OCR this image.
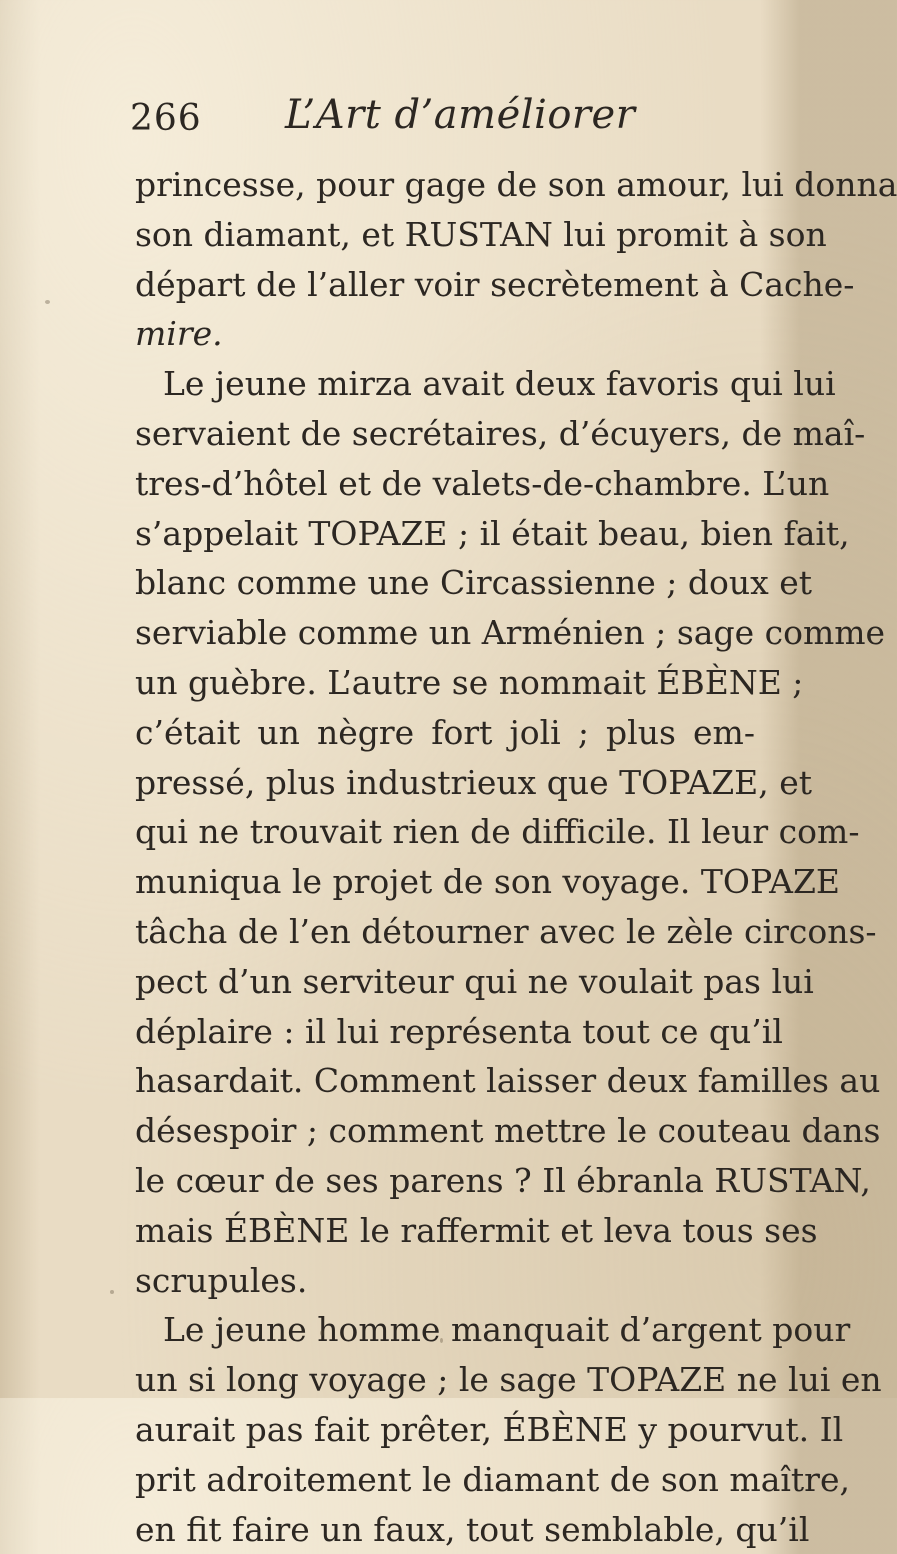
266 L’Art d’améliorer
princesse, pour gage de son amour, lui donna
son diamant, et RUSTAN lui promit à son
départ de l’aller voir secrètement à Cache-
mire.
Le jeune mirza avait deux favoris qui lui
servaient de secrétaires, d’écuyers, de maî-
tres-d’hôtel et de valets-de-chambre. L’un
s’appelait TOPAZE ; il était beau, bien fait,
blanc comme une Circassienne ; doux et
serviable comme un Arménien ; sage comme
un guèbre. L’autre se nommait ÉBÈNE ;
c’était un nègre fort joli ; plus em-
pressé, plus industrieux que TOPAZE, et
qui ne trouvait rien de difficile. Il leur com-
muniqua le projet de son voyage. TOPAZE
tâcha de l’en détourner avec le zèle circons-
pect d’un serviteur qui ne voulait pas lui
déplaire : il lui représenta tout ce qu’il
hasardait. Comment laisser deux familles au
désespoir ; comment mettre le couteau dans
le cœur de ses parens ? Il ébranla RUSTAN,
mais ÉBÈNE le raffermit et leva tous ses
scrupules.
Le jeune homme manquait d’argent pour
un si long voyage ; le sage TOPAZE ne lui en
aurait pas fait prêter, ÉBÈNE y pourvut. Il
prit adroitement le diamant de son maître,
en fit faire un faux, tout semblable, qu’il
